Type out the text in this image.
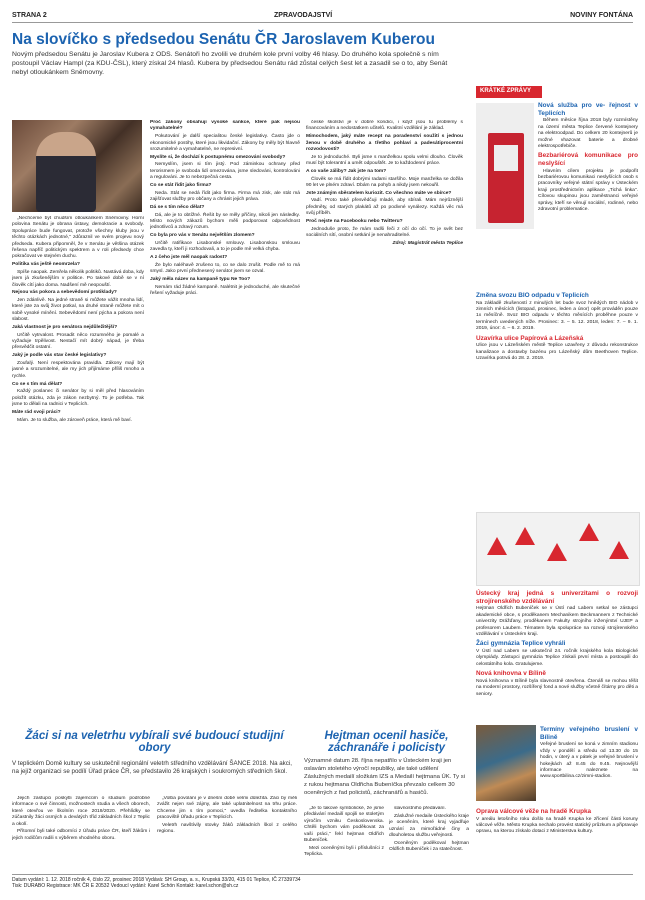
STRANA 2	ZPRAVODAJSTVÍ	NOVINY FONTÁNA
Na slovíčko s předsedou Senátu ČR Jaroslavem Kuberou
Novým předsedou Senátu je Jaroslav Kubera z ODS. Senátoři ho zvolili ve druhém kole první volby 46 hlasy. Do druhého kola společně s ním postoupil Václav Hampl (za KDU-ČSL), který získal 24 hlasů. Kubera by předsedou Senátu rád zůstal celých šest let a zasadil se o to, aby Senát nebyl otloukánkem Sněmovny.

„Nechceme být chudším otloukánkem Sněmovny. Horní polovina Senátu je obrana ústavy, demokracie a svobody. Spolupráce bude fungovat, protože všechny kluby jsou v těchto otázkách jednotné," zdůraznil ve svém projevu nový předseda. Kubera připomněl, že v Senátu je většina otázek řešena napříč politickým spektrem a v roli předsedy chce pokračovat ve stejném duchu.

Politika vás ještě neomrzela?

Spíše naopak. Zemřela několik politiků. Nastává doba, kdy jsem já zkušenějším v politice. Po takové době se v ní člověk cítí jako doma. Nadšení mě neopouští.

Nejsou vás pokora a sebevědomí protiklady?

Jen zdánlivě. Na jedné straně si můžete vážit mnoha lidí, které jste za svůj život potkal, na druhé straně můžete mít o sobě vysoké mínění. Sebevědomí není pýcha a pokora není slabost.

Jaká vlastnost je pro senátora nejdůležitější?

Určitě vytrvalost. Prosadit něco rozumného je pomalé a vyžaduje trpělivost. Nestačí mít dobrý nápad, je třeba přesvědčit ostatní.

Jaký je podle vás stav české legislativy?

Zoufalý. Není respektována pravidla. Zákony mají být jasné a srozumitelné, ale my jich přijímáme příliš mnoho a rychle.

Co se s tím má dělat?

Každý poslanec či senátor by si měl před hlasováním položit otázku, zda je zákon nezbytný. To je potřeba. Tak jsme to dělali na radnici v Teplicích.

Máte rád svoji práci?

Mám. Je to služba, ale zároveň práce, která mě baví.

Proč zákony obsahují vysoké sankce, které pak nejsou vymahatelné?

Pokutování je další specialitou české legislativy. Často jde o ekonomické postihy, které jsou likvidační. Zákony by měly být hlavně srozumitelné a vymahatelné, ne represivní.

Myslíte si, že dochází k postupnému omezování svobody?

Nemyslím, jsem si tím jistý. Pod záminkou ochrany před terorismem je svoboda lidí omezována, jsme sledováni, kontrolováni a regulováni. Je to nebezpečná cesta.

Co se stát řídit jako firma?

Neda. Stát se nedá řídit jako firma. Firma má zisk, ale stát má zajišťovat služby pro občany a chránit jejich práva.

Dá se s tím něco dělat?

Dá, ale je to obtížné. Řešit by se měly příčiny, nikoli jen následky. Místo nových zákazů bychom měli podporovat odpovědnost jednotlivců a zdravý rozum.

Co byla pro vás v Senátu největším zlomem?

Určitě ratifikace Lisabonské smlouvy. Lisabonskou smlouvu zavedla ty, kteří ji rozhodovali, a to je podle mě velká chyba.

A z čeho jste měl naopak radost?

Že bylo naléhavě zrušeno to, co se dalo zrušit. Podle mě to má smysl. Jako první přednesený senátor jsem se ozval.

Jaký měla název na kampaně typu Ne Too?

Nemám rád žádné kampaně. Nalétnit je jednoduché, ale skutečné řešení vyžaduje práci.

české školství je v dobré kondici, i když jsou tu problémy s financováním a nedostatkem učitelů. Kvalitní vzdělání je základ.

Mimochodem, jaký máte recept na poradenství soužití s jednou ženou v době druhého a třetího pohlaví a padesátiprocentní rozvodovosti?

Je to jednoduché. Byli jsme s manželkou spolu velmi dlouho. Člověk musí být tolerantní a umět odpouštět. Je to každodenní práce.

A co vaše záliby? Jak jste na tom?

Člověk se má řídit dobrými radami staršího. Moje manželka se dožila 90 let ve plném zdraví. Dbám na pohyb a nikdy jsem nekouřil.

Jste známým sběratelem kuriozit. Co všechno máte ve sbírce?

Vadí. Proto také přesvědčuji mladé, aby sbírali. Mám nejrůznější předměty, od starých plakátů až po podivné vynálezy. Každá věc má svůj příběh.

Proč nejste na Facebooku nebo Twitteru?

Jednoduše proto, že mám radši řeči z očí do očí. To je svět bez sociálních sítí, osobní setkání je nenahraditelné.

Zdroj: Magistrát města Teplice

Žáci si na veletrhu vybírali své budoucí studijní obory
V teplickém Domě kultury se uskutečnil regionální veletrh středního vzdělávání ŠANCE 2018. Na akci, na jejíž organizaci se podílí Úřad práce ČR, se představilo 26 krajských i soukromých středních škol.

Jejich zástupci poskytli zájemcům o studium podrobné informace o své činnosti, možnostech studia a všech oborech, které otevřou ve školním roce 2019/2020. Přehlídky se zúčastnily žáci osmých a devátých tříd základních škol z Teplic a okolí.

Přítomní byli také odborníci z Úřadu práce ČR, kteří žákům i jejich rodičům radili s výběrem vhodného oboru.

„Volba povolání je v dnešní době velmi důležitá. Žáci by měli zvážit nejen své zájmy, ale také uplatnitelnost na trhu práce. Chceme jim s tím pomoci," uvedla ředitelka kontaktního pracoviště Úřadu práce v Teplicích.

Veletrh navštívily stovky žáků základních škol z celého regionu.

Hejtman ocenil hasiče, záchranáře i policisty
Významné datum 28. října nepatřilo v Ústeckém kraji jen oslavám stoletého výročí republiky, ale také udělení Záslužných medailí složkám IZS a Medailí hejtmana ÚK. Ty si z rukou hejtmana Oldřicha Bubeníčka převzalo celkem 30 oceněných z řad policistů, záchranářů a hasičů.

„Je to takové symbolické, že jsme předávání medailí spojili se stoletým výročím vzniku Československa. Chtěli bychom vám poděkovat za vaši práci," řekl hejtman Oldřich Bubeníček.

Mezi oceněnými byli i příslušníci z Teplicka.

slavnostního předávání.

Záslužné medaile Ústeckého kraje je oceněním, které kraj vyjadřuje uznání za mimořádné činy a dlouholetou službu veřejnosti.

Oceněným poděkoval hejtman Oldřich Bubeníček i za statečnost.

KRÁTKÉ ZPRÁVY
Nová služba pro ve- řejnost v Teplicích

Během měsíce října 2018 byly rozmístěny na území města Teplice červené kontejnery na elektroodpad. Do celkem 20 kontejnerů je možné vhazovat baterie a drobné elektrospotřebiče.

Bezbariérová komunikace pro neslyšící

Hlavním cílem projektu je podpořit bezbariérovou komunikaci neslyšících osob s pracovníky veřejné státní správy v Ústeckém kraji prostřednictvím aplikace „Tichá linka". Cílovou skupinou jsou zaměstnanci veřejné správy, kteří se věnují sociální, rodinné, nebo zdravotní problematice.

Změna svozu BIO odpadu v Teplicích

Na základě zkušeností z minulých let bude svoz hnědých BIO nádob v zimních měsících (listopad, prosinec, leden a únor) opět prováděn pouze 1x měsíčně. Svoz BIO odpadu v těchto měsících proběhne pouze v termínech uvedených níže. Prosinec: 3. – 5. 12. 2018, leden: 7. – 9. 1. 2019, únor: 4. – 6. 2. 2019.

Uzavírka ulice Papírová a Lázeňská

Ulice jsou v Lázeňském městě Teplice uzavřeny z důvodu rekonstrukce kanalizace a dostavby bazénu pro Lázeňský dům Beethoven Teplice. Uzavírka potrvá do 28. 2. 2019.

Ústecký kraj jedná s univerzitami o rozvoji strojírenského vzdělávání

Hejtman Oldřich Bubeníček se v Ústí nad Labem setkal se zástupci akademické obce, s proděkanem Mechanikem Beckmannem z Technické univerzity Drážďany, proděkanem Fakulty strojního inženýrství UJEP a profesorem Laubem. Tématem byla spolupráce na rozvoji strojírenského vzdělávání v Ústeckém kraji.

Žáci gymnázia Teplice vyhráli

V Ústí nad Labem se uskutečnil 24. ročník krajského kola Biologické olympiády. Zástupci gymnázia Teplice získali první místa a postoupili do celostátního kola. Gratulujeme.

Nová knihovna v Bílině

Nová knihovna v Bílině byla slavnostně otevřena. Čtenáři se mohou těšit na moderní prostory, rozšířený fond a nové služby včetně čítárny pro děti a seniory.

Termíny veřejného bruslení v Bílině

Veřejné bruslení se koná v zimním stadionu vždy v pondělí a středu od 13.30 do 15 hodin, v úterý a v pátek je veřejné bruslení v hokejkách až 8.45 do 9.45. Nejnovější informace naleznete na www.sportbilina.cz/zimni-stadion.

Oprava válcové věže na hradě Krupka

V areálu letošního roku došlo na hradě Krupka ke zřícení části koruny válcové věže. Město Krupka nechalo provést statický průzkum a připravuje opravu, na kterou získalo dotaci z Ministerstva kultury.

Datum vydání: 1. 12. 2018 ročník 4, číslo 22, prosinec 2018 Vydává: SH Group, a. s., Krupská 33/20, 415 01 Teplice, IČ 27339734
Tisk: DURABO Registrace: MK ČR E 20532 Vedoucí vydání: Karel Schön Kontakt: karel.schon@sh.cz
